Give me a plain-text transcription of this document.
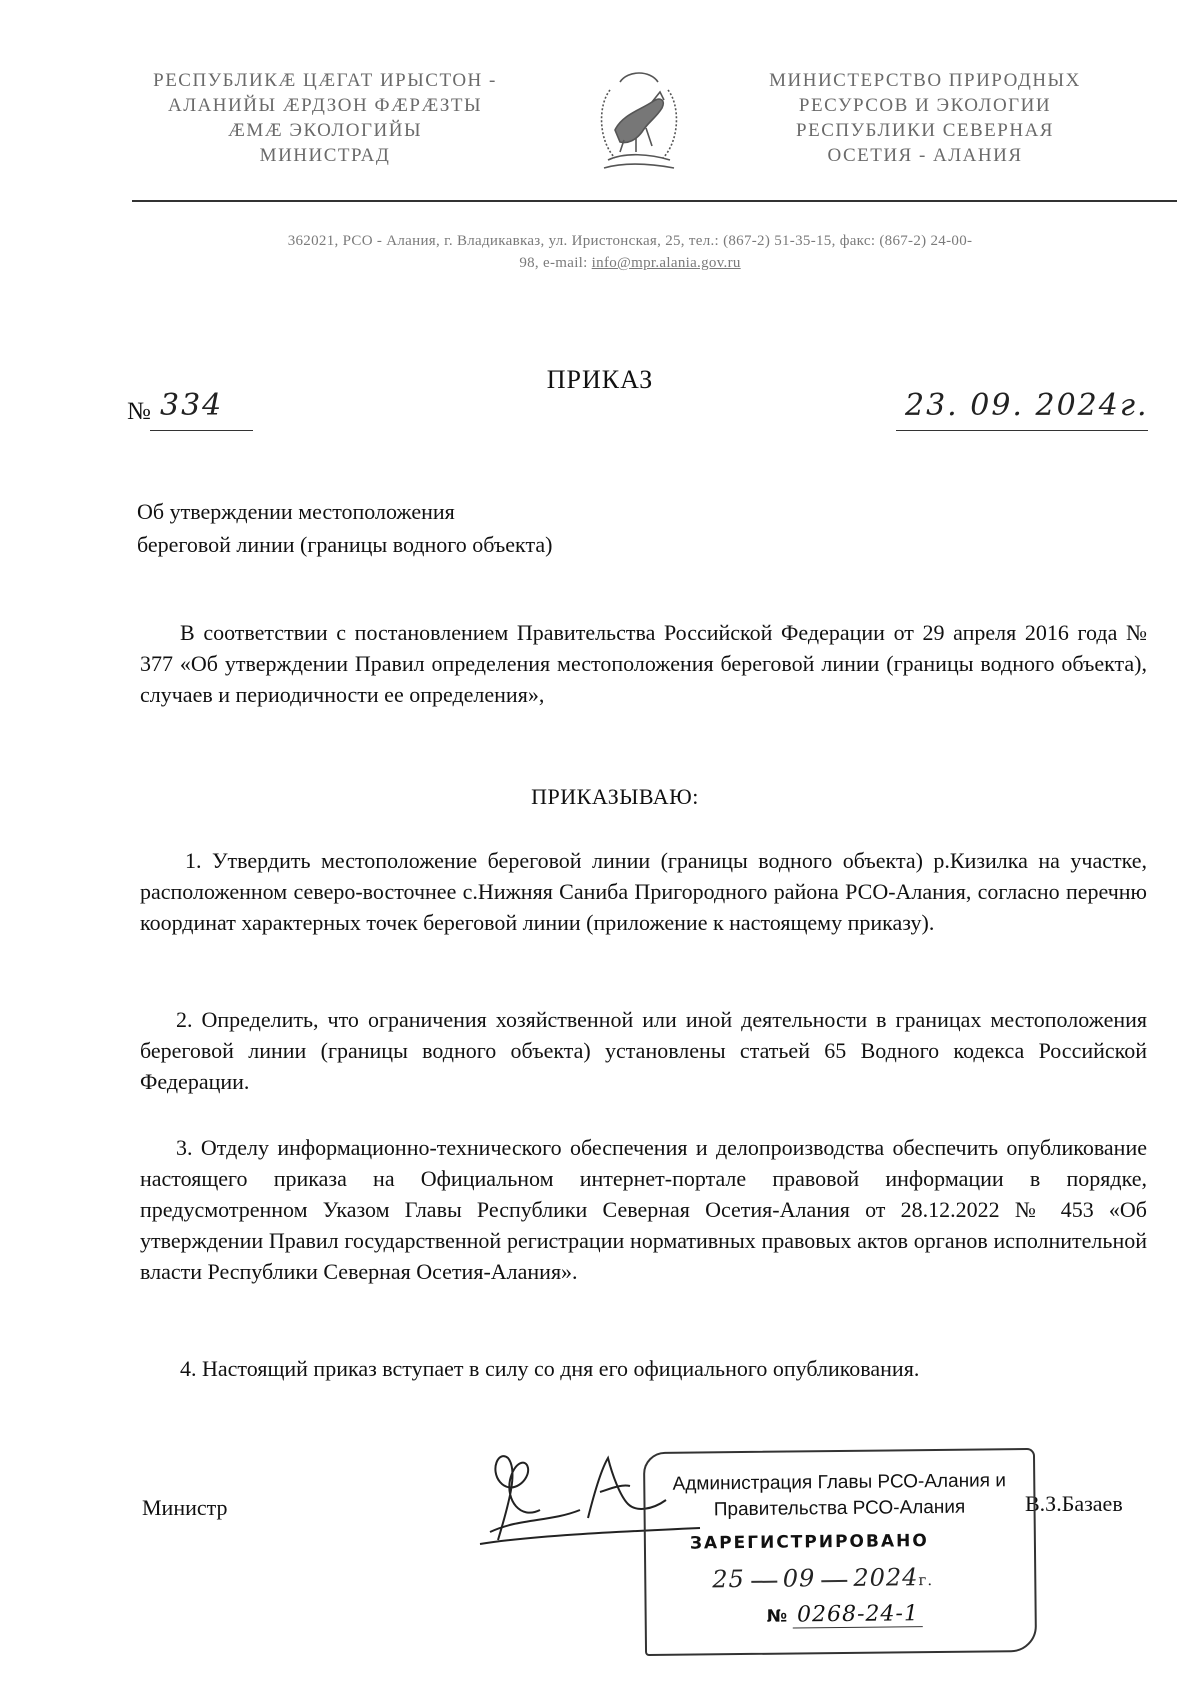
РЕСПУБЛИКӔ ЦӔГАТ ИРЫСТОН -
АЛАНИЙЫ ӔРДЗОН ФӔРӔЗТЫ
ӔМӔ ЭКОЛОГИЙЫ
МИНИСТРАД
МИНИСТЕРСТВО ПРИРОДНЫХ
РЕСУРСОВ И ЭКОЛОГИИ
РЕСПУБЛИКИ СЕВЕРНАЯ
ОСЕТИЯ - АЛАНИЯ
362021, РСО - Алания, г. Владикавказ, ул. Иристонская, 25, тел.: (867-2) 51-35-15, факс: (867-2) 24-00-
98, e-mail: info@mpr.alania.gov.ru
ПРИКАЗ
№ 334	23. 09. 2024г.
Об утверждении местоположения
береговой линии (границы водного объекта)
В соответствии с постановлением Правительства Российской Федерации от 29 апреля 2016 года № 377 «Об утверждении Правил определения местоположения береговой линии (границы водного объекта), случаев и периодичности ее определения»,
ПРИКАЗЫВАЮ:
1. Утвердить местоположение береговой линии (границы водного объекта) р.Кизилка на участке, расположенном северо-восточнее с.Нижняя Саниба Пригородного района РСО-Алания, согласно перечню координат характерных точек береговой линии (приложение к настоящему приказу).
2. Определить, что ограничения хозяйственной или иной деятельности в границах местоположения береговой линии (границы водного объекта) установлены статьей 65 Водного кодекса Российской Федерации.
3. Отделу информационно-технического обеспечения и делопроизводства обеспечить опубликование настоящего приказа на Официальном интернет-портале правовой информации в порядке, предусмотренном Указом Главы Республики Северная Осетия-Алания от 28.12.2022 № 453 «Об утверждении Правил государственной регистрации нормативных правовых актов органов исполнительной власти Республики Северная Осетия-Алания».
4. Настоящий приказ вступает в силу со дня его официального опубликования.
Министр	В.З.Базаев
Администрация Главы РСО-Алания и
Правительства РСО-Алания
ЗАРЕГИСТРИРОВАНО
25 09 2024г.
№ 0268-24-1
